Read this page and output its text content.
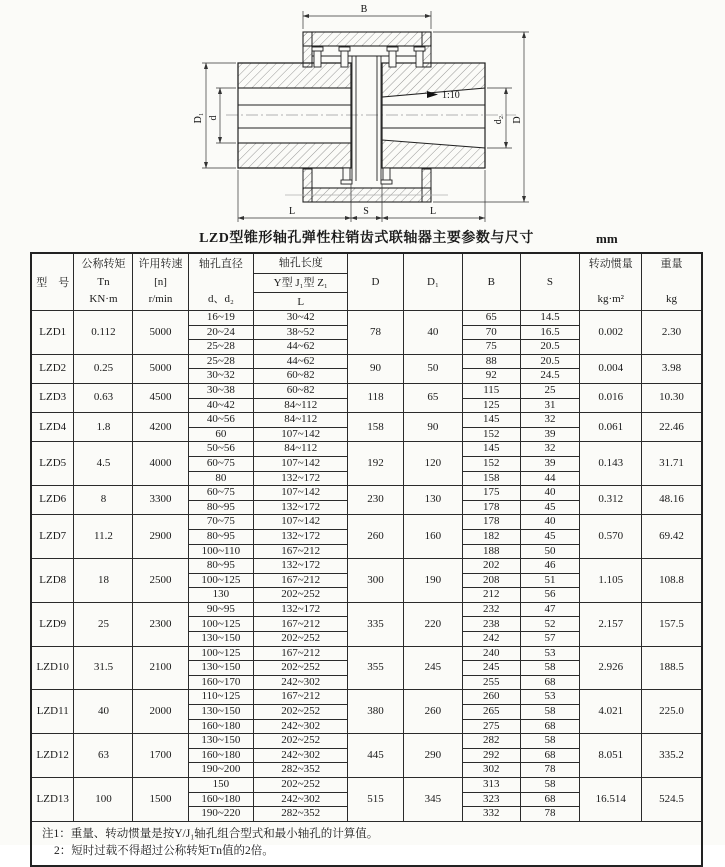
1:10
B
D₁ d	d₂ D
L	S	L
LZD型锥形轴孔弹性柱销齿式联轴器主要参数与尺寸	mm
型　号	
公称转矩
Tn
KN·m

许用转速
[n]
r/min

轴孔直径
d、d₂

轴孔长度
Y型 J₁型 Z₁
L
	D	D₁	B	S	
转动惯量
kg·m²

重量
kg

LZD1	0.112	5000	16~19	30~42	78	40	65	14.5	0.002	2.30
			20~24	38~52			70	16.5		
			25~28	44~62			75	20.5		
LZD2	0.25	5000	25~28	44~62	90	50	88	20.5	0.004	3.98
			30~32	60~82			92	24.5		
LZD3	0.63	4500	30~38	60~82	118	65	115	25	0.016	10.30
			40~42	84~112			125	31		
LZD4	1.8	4200	40~56	84~112	158	90	145	32	0.061	22.46
			60	107~142			152	39		
LZD5	4.5	4000	50~56	84~112	192	120	145	32	0.143	31.71
			60~75	107~142			152	39		
			80	132~172			158	44		
LZD6	8	3300	60~75	107~142	230	130	175	40	0.312	48.16
			80~95	132~172			178	45		
LZD7	11.2	2900	70~75	107~142	260	160	178	40	0.570	69.42
			80~95	132~172			182	45		
			100~110	167~212			188	50		
LZD8	18	2500	80~95	132~172	300	190	202	46	1.105	108.8
			100~125	167~212			208	51		
			130	202~252			212	56		
LZD9	25	2300	90~95	132~172	335	220	232	47	2.157	157.5
			100~125	167~212			238	52		
			130~150	202~252			242	57		
LZD10	31.5	2100	100~125	167~212	355	245	240	53	2.926	188.5
			130~150	202~252			245	58		
			160~170	242~302			255	68		
LZD11	40	2000	110~125	167~212	380	260	260	53	4.021	225.0
			130~150	202~252			265	58		
			160~180	242~302			275	68		
LZD12	63	1700	130~150	202~252	445	290	282	58	8.051	335.2
			160~180	242~302			292	68		
			190~200	282~352			302	78		
LZD13	100	1500	150	202~252	515	345	313	58	16.514	524.5
			160~180	242~302			323	68		
			190~220	282~352			332	78		

注1：重量、转动惯量是按Y/J₁轴孔组合型式和最小轴孔的计算值。
2：短时过载不得超过公称转矩Tn值的2倍。										
